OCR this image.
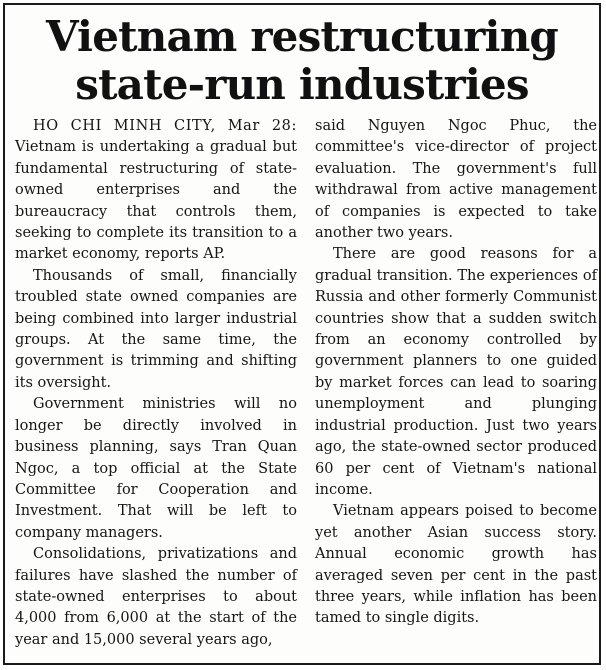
Vietnam restructuring
state-run industries

HO CHI MINH CITY, Mar 28: Vietnam is undertaking a gradual but fundamental restructuring of state-owned enterprises and the bureaucracy that controls them, seeking to complete its transition to a market economy, reports AP.

Thousands of small, financially troubled state owned companies are being combined into larger industrial groups. At the same time, the government is trimming and shifting its oversight.

Government ministries will no longer be directly involved in business planning, says Tran Quan Ngoc, a top official at the State Committee for Cooperation and Investment. That will be left to company managers.

Consolidations, privatizations and failures have slashed the number of state-owned enterprises to about 4,000 from 6,000 at the start of the year and 15,000 several years ago,

said Nguyen Ngoc Phuc, the committee's vice-director of project evaluation. The government's full withdrawal from active management of companies is expected to take another two years.

There are good reasons for a gradual transition. The experiences of Russia and other formerly Communist countries show that a sudden switch from an economy controlled by government planners to one guided by market forces can lead to soaring unemployment and plunging industrial production. Just two years ago, the state-owned sector produced 60 per cent of Vietnam's national income.

Vietnam appears poised to become yet another Asian success story. Annual economic growth has averaged seven per cent in the past three years, while inflation has been tamed to single digits.
